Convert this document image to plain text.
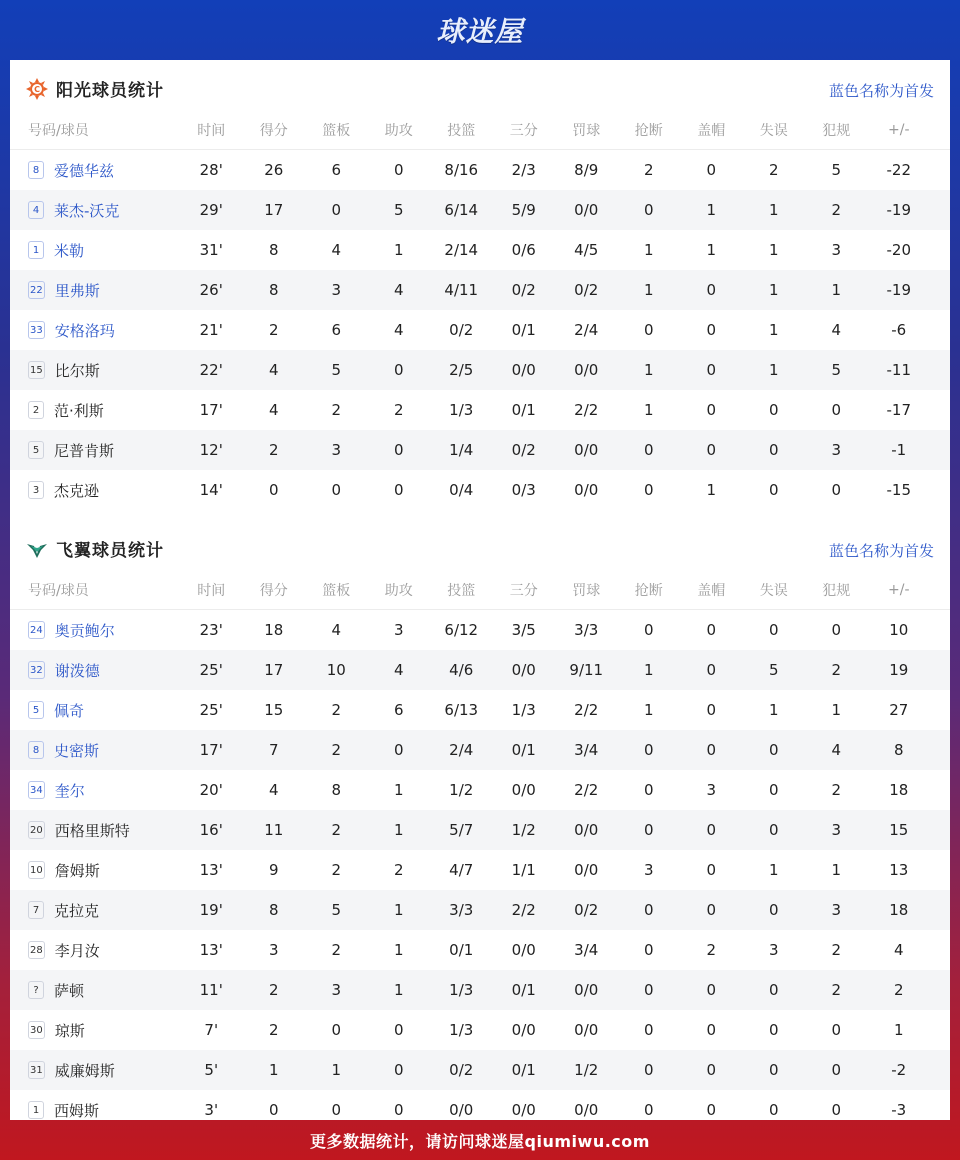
球迷屋
C 阳光球员统计	蓝色名称为首发
号码/球员	时间	得分	篮板	助攻	投篮	三分	罚球	抢断	盖帽	失误	犯规	+/-
8 爱德华兹	28'	26	6	0	8/16	2/3	8/9	2	0	2	5	-22
4 莱杰-沃克	29'	17	0	5	6/14	5/9	0/0	0	1	1	2	-19
1 米勒	31'	8	4	1	2/14	0/6	4/5	1	1	1	3	-20
22 里弗斯	26'	8	3	4	4/11	0/2	0/2	1	0	1	1	-19
33 安格洛玛	21'	2	6	4	0/2	0/1	2/4	0	0	1	4	-6
15 比尔斯	22'	4	5	0	2/5	0/0	0/0	1	0	1	5	-11
2 范·利斯	17'	4	2	2	1/3	0/1	2/2	1	0	0	0	-17
5 尼普肯斯	12'	2	3	0	1/4	0/2	0/0	0	0	0	3	-1
3 杰克逊	14'	0	0	0	0/4	0/3	0/0	0	1	0	0	-15
飞翼球员统计	蓝色名称为首发
号码/球员	时间	得分	篮板	助攻	投篮	三分	罚球	抢断	盖帽	失误	犯规	+/-
24 奥贡鲍尔	23'	18	4	3	6/12	3/5	3/3	0	0	0	0	10
32 谢泼德	25'	17	10	4	4/6	0/0	9/11	1	0	5	2	19
5 佩奇	25'	15	2	6	6/13	1/3	2/2	1	0	1	1	27
8 史密斯	17'	7	2	0	2/4	0/1	3/4	0	0	0	4	8
34 奎尔	20'	4	8	1	1/2	0/0	2/2	0	3	0	2	18
20 西格里斯特	16'	11	2	1	5/7	1/2	0/0	0	0	0	3	15
10 詹姆斯	13'	9	2	2	4/7	1/1	0/0	3	0	1	1	13
7 克拉克	19'	8	5	1	3/3	2/2	0/2	0	0	0	3	18
28 李月汝	13'	3	2	1	0/1	0/0	3/4	0	2	3	2	4
?	萨顿	11'	2	3	1	1/3	0/1	0/0	0	0	0	2	2
30 琼斯	7'	2	0	0	1/3	0/0	0/0	0	0	0	0	1
31 威廉姆斯	5'	1	1	0	0/2	0/1	1/2	0	0	0	0	-2
1 西姆斯	3'	0	0	0	0/0	0/0	0/0	0	0	0	0	-3
更多数据统计，请访问球迷屋qiumiwu.com
